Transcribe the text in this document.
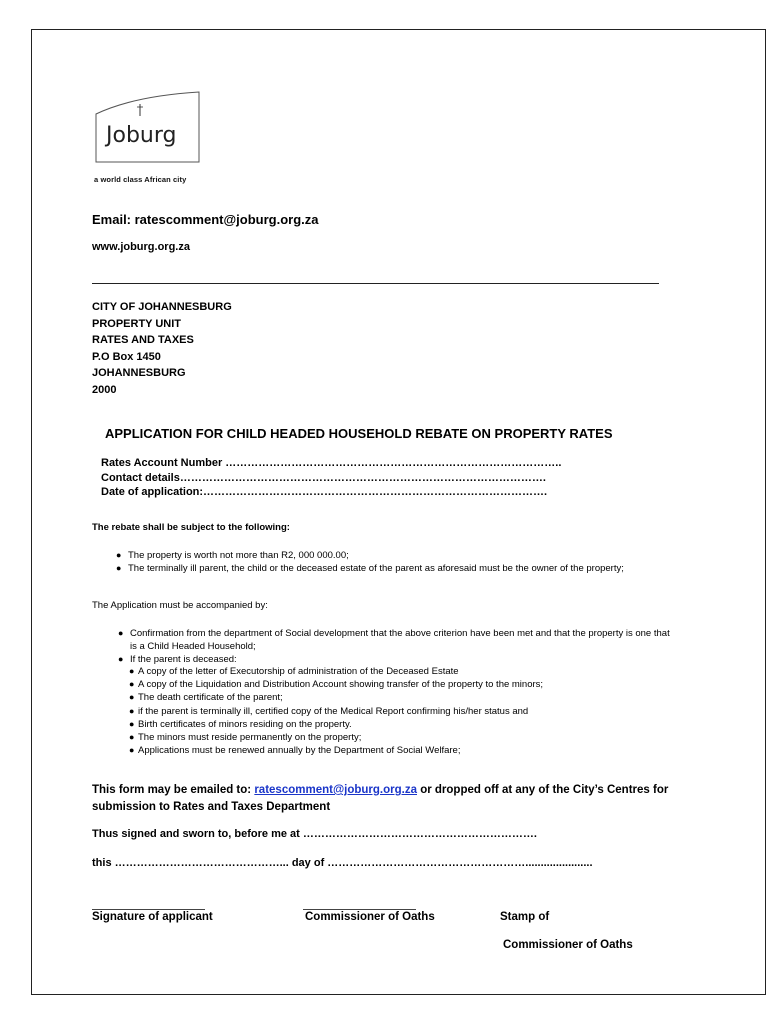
Joburg
a world class African city
Email: ratescomment@joburg.org.za
www.joburg.org.za
CITY OF JOHANNESBURG
PROPERTY UNIT
RATES AND TAXES
P.O Box 1450
JOHANNESBURG
2000
APPLICATION FOR CHILD HEADED HOUSEHOLD REBATE ON PROPERTY RATES
Rates Account Number ………………………………………………………………………………..
Contact details……………………………………………………………………………………….
Date of application:………………………………………………………………………………….
The rebate shall be subject to the following:
● The property is worth not more than R2, 000 000.00;
● The terminally ill parent, the child or the deceased estate of the parent as aforesaid must be the owner of the property;
The Application must be accompanied by:
● Confirmation from the department of Social development that the above criterion have been met and that the property is one that is a Child Headed Household;
● If the parent is deceased:
● A copy of the letter of Executorship of administration of the Deceased Estate
● A copy of the Liquidation and Distribution Account showing transfer of the property to the minors;
● The death certificate of the parent;
● if the parent is terminally ill, certified copy of the Medical Report confirming his/her status and
● Birth certificates of minors residing on the property.
● The minors must reside permanently on the property;
● Applications must be renewed annually by the Department of Social Welfare;
This form may be emailed to: ratescomment@joburg.org.za or dropped off at any of the City’s Centres for submission to Rates and Taxes Department
Thus signed and sworn to, before me at ……………………………………………………….
this ………………………………………... day of ………………………………………………......................
Signature of applicant	Commissioner of Oaths	Stamp of
Commissioner of Oaths
